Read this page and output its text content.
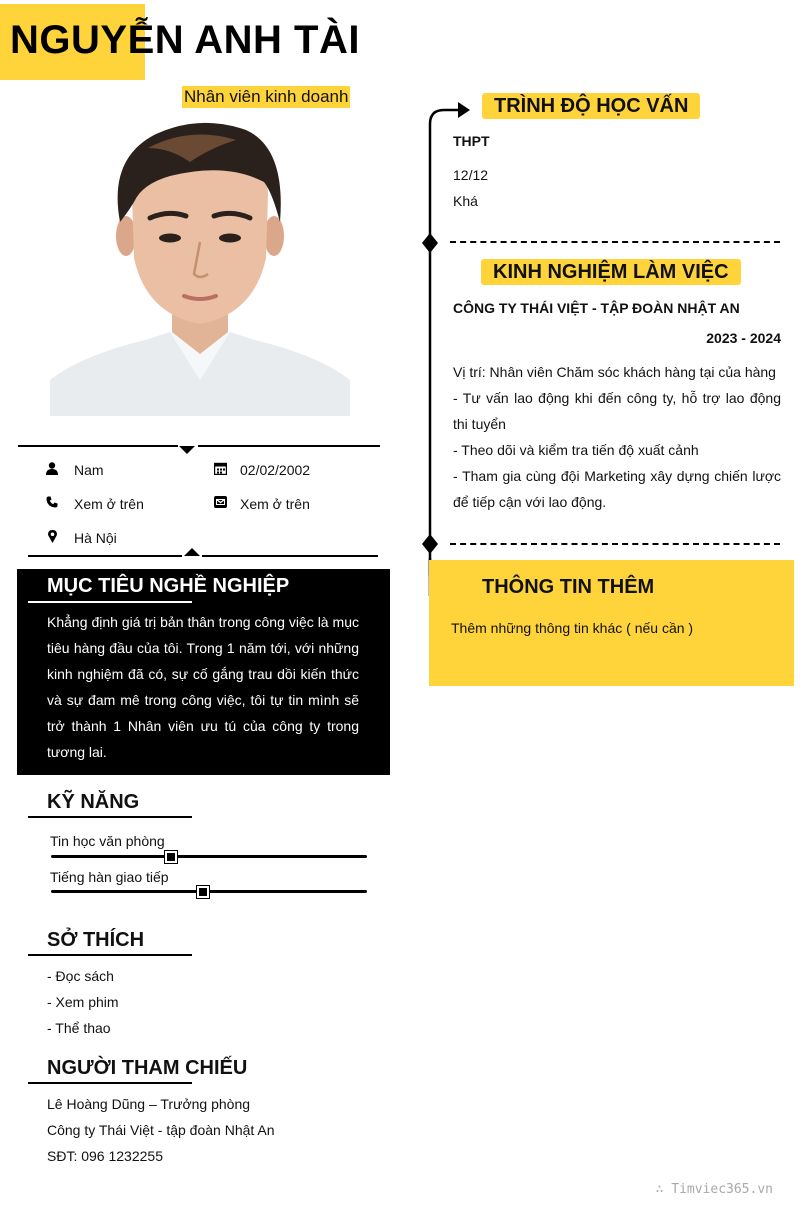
NGUYỄN ANH TÀI
Nhân viên kinh doanh
Nam	02/02/2002
Xem ở trên	Xem ở trên
Hà Nội
MỤC TIÊU NGHỀ NGHIỆP
Khẳng định giá trị bản thân trong công việc là mục tiêu hàng đầu của tôi. Trong 1 năm tới, với những kinh nghiệm đã có, sự cố gắng trau dồi kiến thức và sự đam mê trong công việc, tôi tự tin mình sẽ trở thành 1 Nhân viên ưu tú của công ty trong tương lai.
KỸ NĂNG
Tin học văn phòng
Tiếng hàn giao tiếp
SỞ THÍCH
- Đọc sách
- Xem phim
- Thể thao
NGƯỜI THAM CHIẾU
Lê Hoàng Dũng – Trưởng phòng
Công ty Thái Việt - tập đoàn Nhật An
SĐT: 096 1232255
TRÌNH ĐỘ HỌC VẤN
THPT
12/12
Khá
KINH NGHIỆM LÀM VIỆC
CÔNG TY THÁI VIỆT - TẬP ĐOÀN NHẬT AN
2023 - 2024
Vị trí: Nhân viên Chăm sóc khách hàng tại của hàng
- Tư vấn lao động khi đến công ty, hỗ trợ lao động thi tuyển
- Theo dõi và kiểm tra tiến độ xuất cảnh
- Tham gia cùng đội Marketing xây dựng chiến lược để tiếp cận với lao động.
THÔNG TIN THÊM
Thêm những thông tin khác ( nếu cần )
∴ Timviec365.vn
